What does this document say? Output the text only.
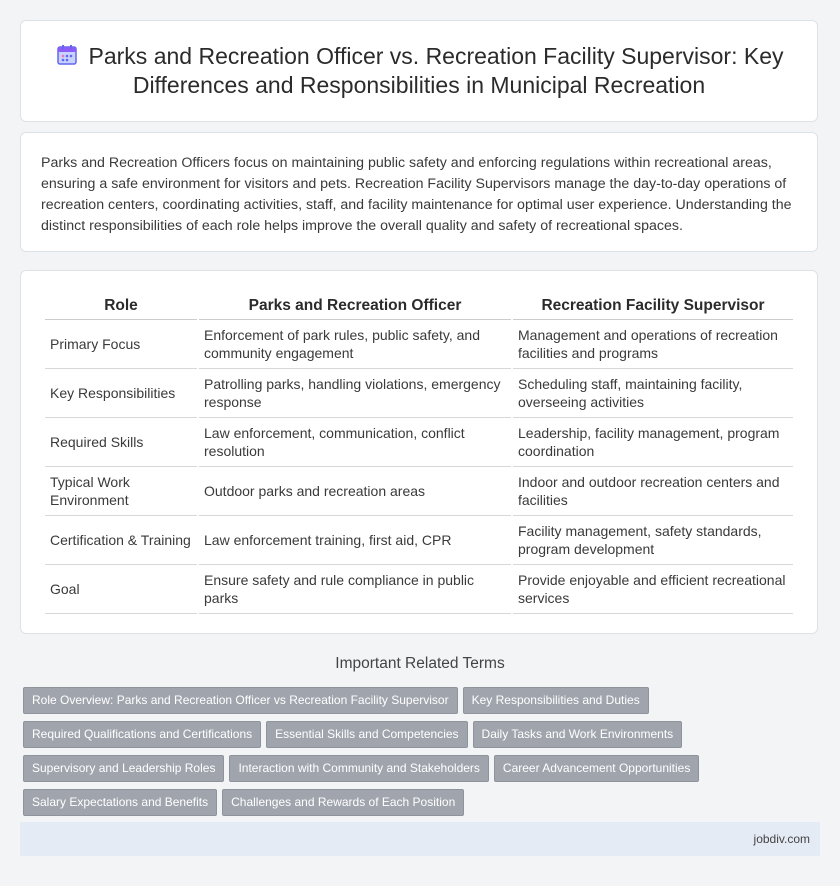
Parks and Recreation Officer vs. Recreation Facility Supervisor: Key Differences and Responsibilities in Municipal Recreation

Parks and Recreation Officers focus on maintaining public safety and enforcing regulations within recreational areas, ensuring a safe environment for visitors and pets. Recreation Facility Supervisors manage the day-to-day operations of recreation centers, coordinating activities, staff, and facility maintenance for optimal user experience. Understanding the distinct responsibilities of each role helps improve the overall quality and safety of recreational spaces.

Role	Parks and Recreation Officer	Recreation Facility Supervisor
Primary Focus	Enforcement of park rules, public safety, and community engagement	Management and operations of recreation facilities and programs
Key Responsibilities	Patrolling parks, handling violations, emergency response	Scheduling staff, maintaining facility, overseeing activities
Required Skills	Law enforcement, communication, conflict resolution	Leadership, facility management, program coordination
Typical Work Environment	Outdoor parks and recreation areas	Indoor and outdoor recreation centers and facilities
Certification & Training	Law enforcement training, first aid, CPR	Facility management, safety standards, program development
Goal	Ensure safety and rule compliance in public parks	Provide enjoyable and efficient recreational services
Important Related Terms
Role Overview: Parks and Recreation Officer vs Recreation Facility Supervisor Key Responsibilities and Duties
Required Qualifications and Certifications Essential Skills and Competencies Daily Tasks and Work Environments
Supervisory and Leadership Roles Interaction with Community and Stakeholders Career Advancement Opportunities
Salary Expectations and Benefits Challenges and Rewards of Each Position
jobdiv.com
